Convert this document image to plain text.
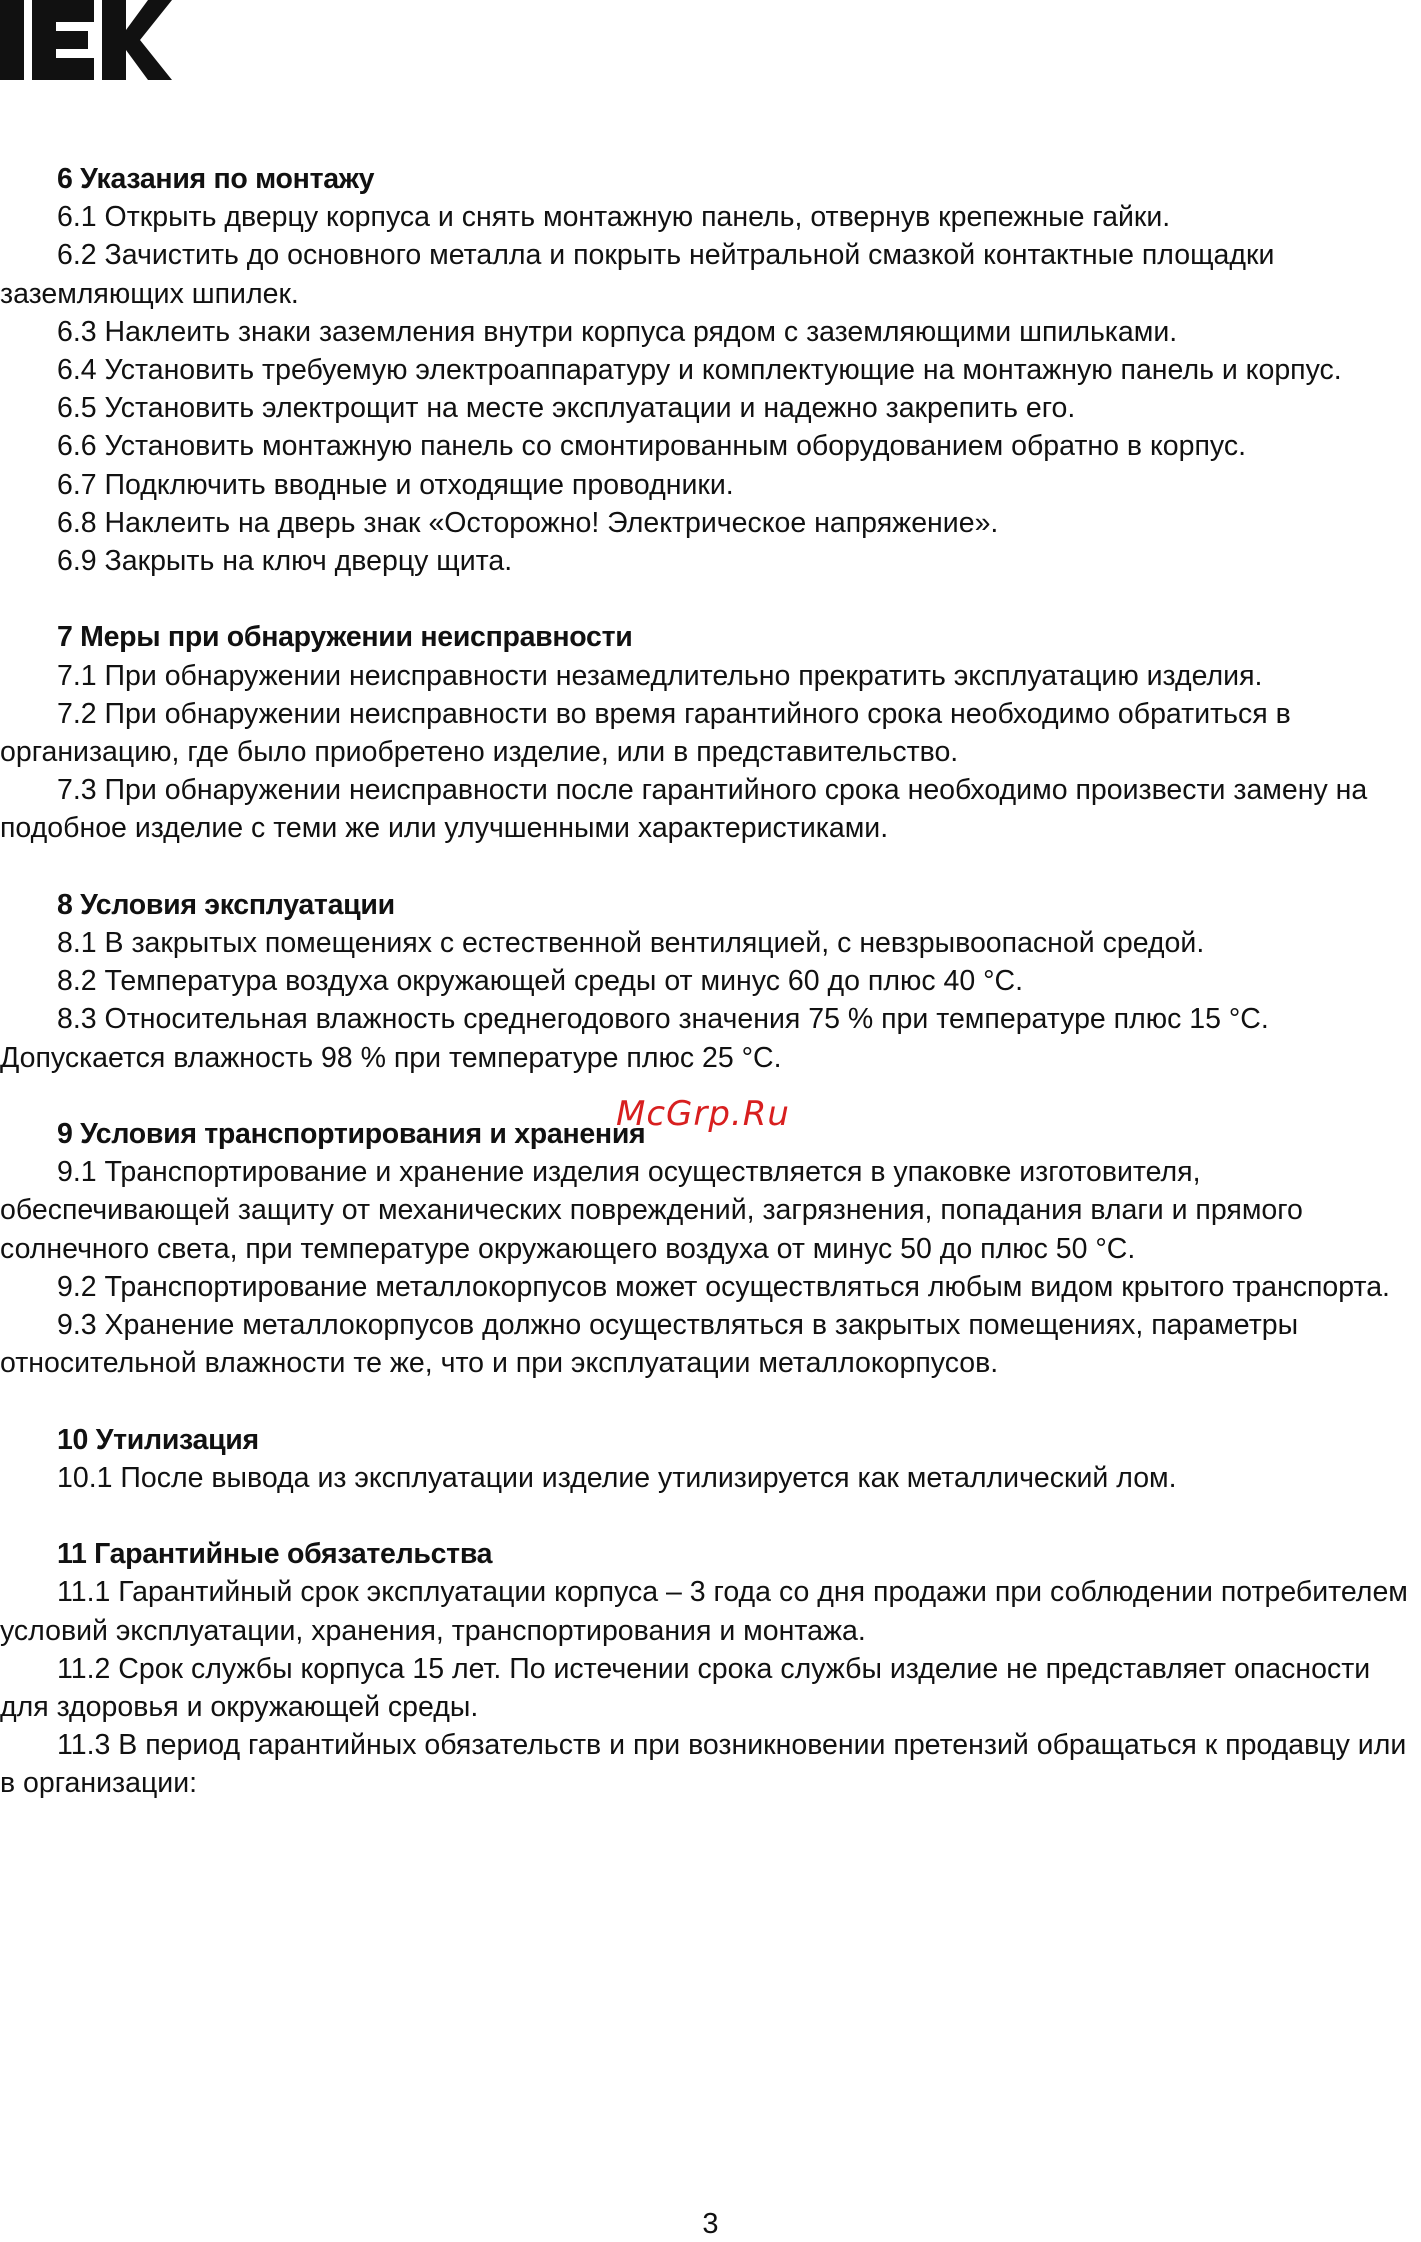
6 Указания по монтажу

6.1 Открыть дверцу корпуса и снять монтажную панель, отвернув крепежные гайки.

6.2 Зачистить до основного металла и покрыть нейтральной смазкой контактные площадки заземляющих шпилек.

6.3 Наклеить знаки заземления внутри корпуса рядом с заземляющими шпильками.

6.4 Установить требуемую электроаппаратуру и комплектующие на монтажную панель и корпус.

6.5 Установить электрощит на месте эксплуатации и надежно закрепить его.

6.6 Установить монтажную панель со смонтированным оборудованием обратно в корпус.

6.7 Подключить вводные и отходящие проводники.

6.8 Наклеить на дверь знак «Осторожно! Электрическое напряжение».

6.9 Закрыть на ключ дверцу щита.

7 Меры при обнаружении неисправности

7.1 При обнаружении неисправности незамедлительно прекратить эксплуатацию изделия.

7.2 При обнаружении неисправности во время гарантийного срока необходимо обратиться в организацию, где было приобретено изделие, или в представительство.

7.3 При обнаружении неисправности после гарантийного срока необходимо произвести замену на подобное изделие с теми же или улучшенными характеристиками.

8 Условия эксплуатации

8.1 В закрытых помещениях с естественной вентиляцией, с невзрывоопасной средой.

8.2 Температура воздуха окружающей среды от минус 60 до плюс 40 °С.

8.3 Относительная влажность среднегодового значения 75 % при температуре плюс 15 °С. Допускается влажность 98 % при температуре плюс 25 °С.

9 Условия транспортирования и хранения

9.1 Транспортирование и хранение изделия осуществляется в упаковке изготовителя, обеспечивающей защиту от механических повреждений, загрязнения, попадания влаги и прямого солнечного света, при температуре окружающего воздуха от минус 50 до плюс 50 °С.

9.2 Транспортирование металлокорпусов может осуществляться любым видом крытого транспорта.

9.3 Хранение металлокорпусов должно осуществляться в закрытых помещениях, параметры относительной влажности те же, что и при эксплуатации металлокорпусов.

10 Утилизация

10.1 После вывода из эксплуатации изделие утилизируется как металлический лом.

11 Гарантийные обязательства

11.1 Гарантийный срок эксплуатации корпуса – 3 года со дня продажи при соблюдении потребителем условий эксплуатации, хранения, транспортирования и монтажа.

11.2 Срок службы корпуса 15 лет. По истечении срока службы изделие не представляет опасности для здоровья и окружающей среды.

11.3 В период гарантийных обязательств и при возникновении претензий обращаться к продавцу или в организации:

McGrp.Ru
3
